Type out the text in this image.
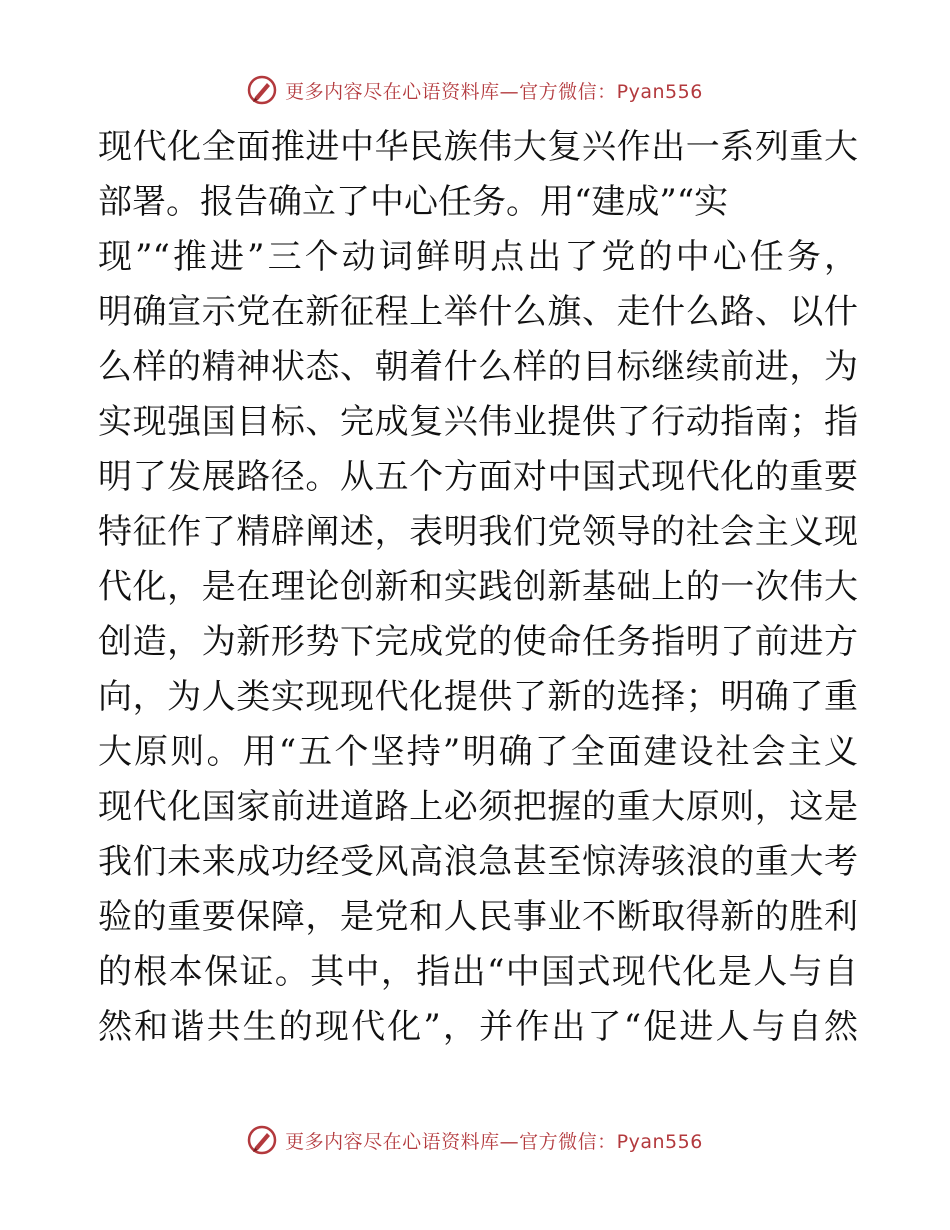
更多内容尽在心语资料库—官方微信：Pyan556
现代化全面推进中华民族伟大复兴作出一系列重大
部署。报告确立了中心任务。用“建成”“实
现”“推进”三个动词鲜明点出了党的中心任务，
明确宣示党在新征程上举什么旗、走什么路、以什
么样的精神状态、朝着什么样的目标继续前进，为
实现强国目标、完成复兴伟业提供了行动指南；指
明了发展路径。从五个方面对中国式现代化的重要
特征作了精辟阐述，表明我们党领导的社会主义现
代化，是在理论创新和实践创新基础上的一次伟大
创造，为新形势下完成党的使命任务指明了前进方
向，为人类实现现代化提供了新的选择；明确了重
大原则。用“五个坚持”明确了全面建设社会主义
现代化国家前进道路上必须把握的重大原则，这是
我们未来成功经受风高浪急甚至惊涛骇浪的重大考
验的重要保障，是党和人民事业不断取得新的胜利
的根本保证。其中，指出“中国式现代化是人与自
然和谐共生的现代化”，并作出了“促进人与自然
更多内容尽在心语资料库—官方微信：Pyan556
